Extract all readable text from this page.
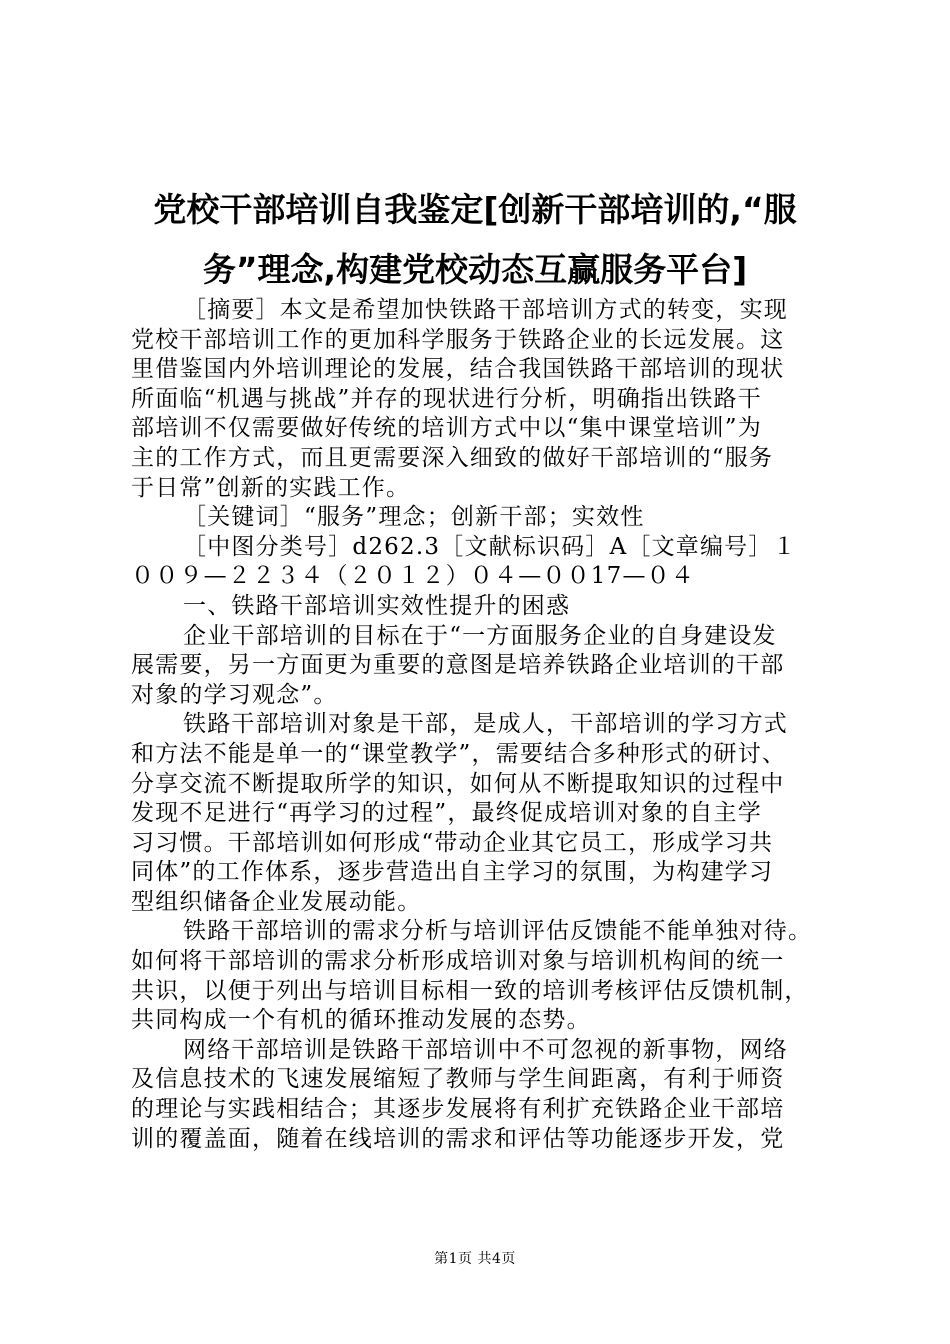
党校干部培训自我鉴定[创新干部培训的,“服
务”理念,构建党校动态互赢服务平台]
［摘要］本文是希望加快铁路干部培训方式的转变，实现
党校干部培训工作的更加科学服务于铁路企业的长远发展。这
里借鉴国内外培训理论的发展，结合我国铁路干部培训的现状
所面临“机遇与挑战”并存的现状进行分析，明确指出铁路干
部培训不仅需要做好传统的培训方式中以“集中课堂培训”为
主的工作方式，而且更需要深入细致的做好干部培训的“服务
于日常”创新的实践工作。
［关键词］“服务”理念；创新干部；实效性
［中图分类号］d262.3［文献标识码］A［文章编号］１
００９—２２３４（２０１２）０４—００17—０４
一、铁路干部培训实效性提升的困惑
企业干部培训的目标在于“一方面服务企业的自身建设发
展需要，另一方面更为重要的意图是培养铁路企业培训的干部
对象的学习观念”。
铁路干部培训对象是干部，是成人，干部培训的学习方式
和方法不能是单一的“课堂教学”，需要结合多种形式的研讨、
分享交流不断提取所学的知识，如何从不断提取知识的过程中
发现不足进行“再学习的过程”，最终促成培训对象的自主学
习习惯。干部培训如何形成“带动企业其它员工，形成学习共
同体”的工作体系，逐步营造出自主学习的氛围，为构建学习
型组织储备企业发展动能。
铁路干部培训的需求分析与培训评估反馈能不能单独对待。
如何将干部培训的需求分析形成培训对象与培训机构间的统一
共识，以便于列出与培训目标相一致的培训考核评估反馈机制，
共同构成一个有机的循环推动发展的态势。
网络干部培训是铁路干部培训中不可忽视的新事物，网络
及信息技术的飞速发展缩短了教师与学生间距离，有利于师资
的理论与实践相结合；其逐步发展将有利扩充铁路企业干部培
训的覆盖面，随着在线培训的需求和评估等功能逐步开发，党
第1页 共4页
